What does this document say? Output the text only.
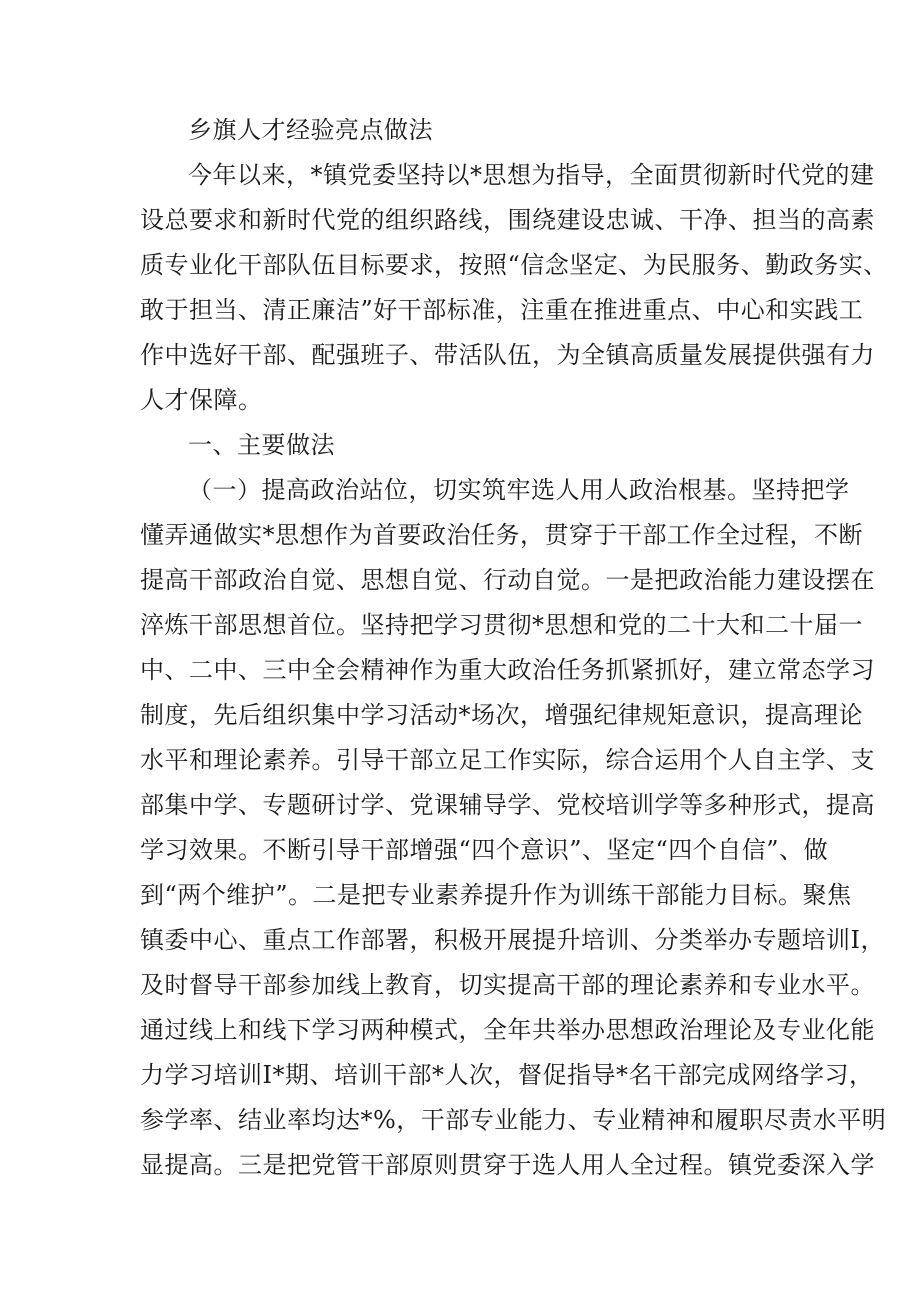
乡旗人才经验亮点做法
今年以来，*镇党委坚持以*思想为指导，全面贯彻新时代党的建
设总要求和新时代党的组织路线，围绕建设忠诚、干净、担当的高素
质专业化干部队伍目标要求，按照“信念坚定、为民服务、勤政务实、
敢于担当、清正廉洁”好干部标准，注重在推进重点、中心和实践工
作中选好干部、配强班子、带活队伍，为全镇高质量发展提供强有力
人才保障。
一、主要做法
（一）提高政治站位，切实筑牢选人用人政治根基。坚持把学
懂弄通做实*思想作为首要政治任务，贯穿于干部工作全过程，不断
提高干部政治自觉、思想自觉、行动自觉。一是把政治能力建设摆在
淬炼干部思想首位。坚持把学习贯彻*思想和党的二十大和二十届一
中、二中、三中全会精神作为重大政治任务抓紧抓好，建立常态学习
制度，先后组织集中学习活动*场次，增强纪律规矩意识，提高理论
水平和理论素养。引导干部立足工作实际，综合运用个人自主学、支
部集中学、专题研讨学、党课辅导学、党校培训学等多种形式，提高
学习效果。不断引导干部增强“四个意识”、坚定“四个自信”、做
到“两个维护”。二是把专业素养提升作为训练干部能力目标。聚焦
镇委中心、重点工作部署，积极开展提升培训、分类举办专题培训I，
及时督导干部参加线上教育，切实提高干部的理论素养和专业水平。
通过线上和线下学习两种模式，全年共举办思想政治理论及专业化能
力学习培训I*期、培训干部*人次，督促指导*名干部完成网络学习，
参学率、结业率均达*%，干部专业能力、专业精神和履职尽责水平明
显提高。三是把党管干部原则贯穿于选人用人全过程。镇党委深入学
